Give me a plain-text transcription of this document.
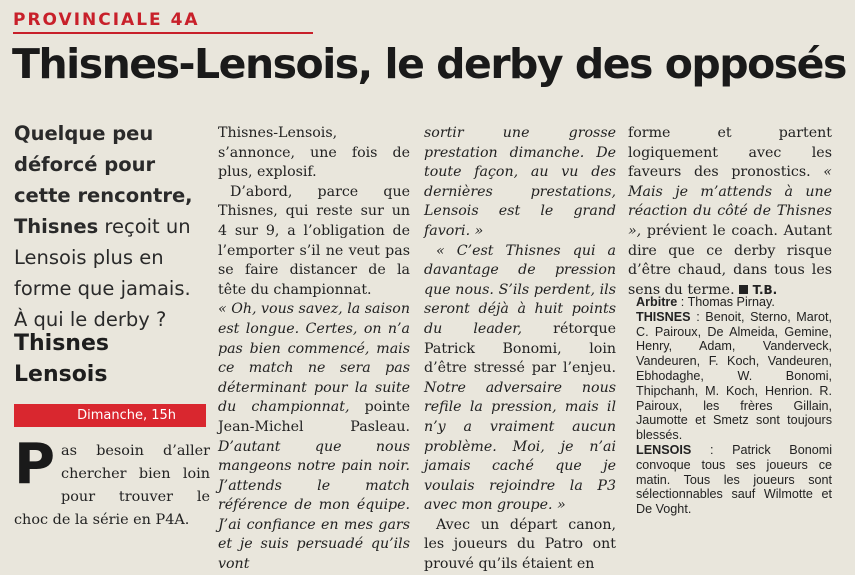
PROVINCIALE 4A
Thisnes-Lensois, le derby des opposés
Quelque peu déforcé pour cette rencontre, Thisnes reçoit un Lensois plus en forme que jamais. À qui le derby ?
Thisnes
Lensois
Dimanche, 15h
Pas besoin d’aller chercher bien loin pour trouver le choc de la série en P4A.

Thisnes-Lensois, s’annonce, une fois de plus, explosif.

D’abord, parce que Thisnes, qui reste sur un 4 sur 9, a l’obligation de l’emporter s’il ne veut pas se faire distancer de la tête du championnat.

« Oh, vous savez, la saison est longue. Certes, on n’a pas bien commencé, mais ce match ne sera pas déterminant pour la suite du championnat, pointe Jean-Michel Pasleau. D’autant que nous mangeons notre pain noir. J’attends le match référence de mon équipe. J’ai confiance en mes gars et je suis persuadé qu’ils vont

sortir une grosse prestation dimanche. De toute façon, au vu des dernières prestations, Lensois est le grand favori. »

« C’est Thisnes qui a davantage de pression que nous. S’ils perdent, ils seront déjà à huit points du leader, rétorque Patrick Bonomi, loin d’être stressé par l’enjeu. Notre adversaire nous refile la pression, mais il n’y a vraiment aucun problème. Moi, je n’ai jamais caché que je voulais rejoindre la P3 avec mon groupe. »

Avec un départ canon, les joueurs du Patro ont prouvé qu’ils étaient en

forme et partent logiquement avec les faveurs des pronostics. « Mais je m’attends à une réaction du côté de Thisnes », prévient le coach. Autant dire que ce derby risque d’être chaud, dans tous les sens du terme. T.B.

Arbitre : Thomas Pirnay.

THISNES : Benoit, Sterno, Marot, C. Pairoux, De Almeida, Gemine, Henry, Adam, Vanderveck, Vandeuren, F. Koch, Vandeuren, Ebhodaghe, W. Bonomi, Thipchanh, M. Koch, Henrion. R. Pairoux, les frères Gillain, Jaumotte et Smetz sont toujours blessés.

LENSOIS : Patrick Bonomi convoque tous ses joueurs ce matin. Tous les joueurs sont sélectionnables sauf Wilmotte et De Voght.
